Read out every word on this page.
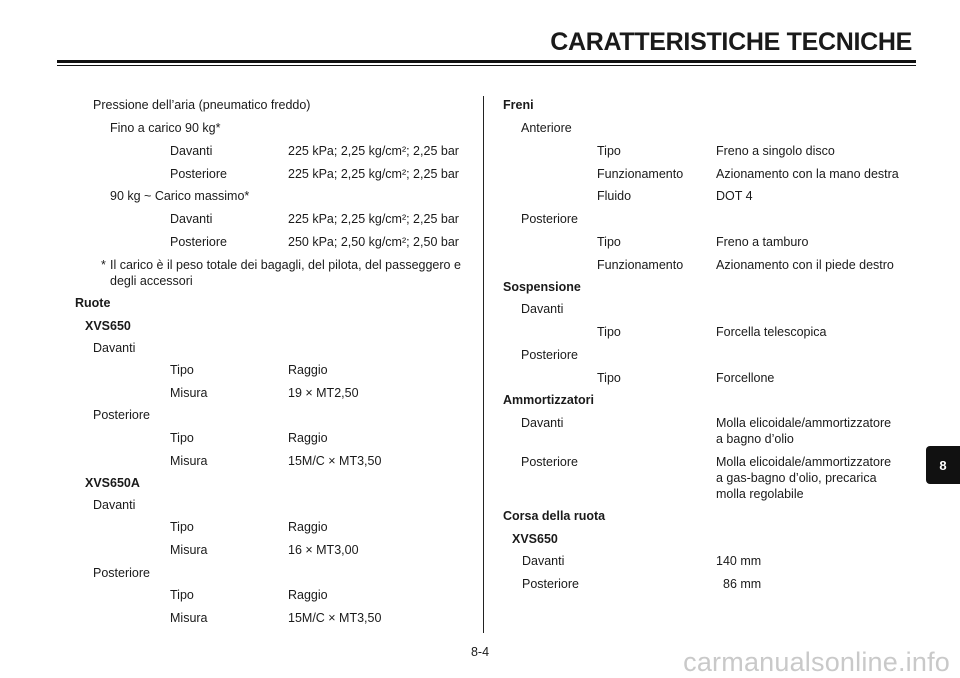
CARATTERISTICHE TECNICHE
Pressione dell’aria (pneumatico freddo)
Fino a carico 90 kg*
Davanti	225 kPa; 2,25 kg/cm²; 2,25 bar
Posteriore	225 kPa; 2,25 kg/cm²; 2,25 bar
90 kg ~ Carico massimo*
Davanti	225 kPa; 2,25 kg/cm²; 2,25 bar
Posteriore	250 kPa; 2,50 kg/cm²; 2,50 bar
* Il carico è il peso totale dei bagagli, del pilota, del passeggero e
degli accessori
Ruote
XVS650
Davanti
Tipo	Raggio
Misura	19 × MT2,50
Posteriore
Tipo	Raggio
Misura	15M/C × MT3,50
XVS650A
Davanti
Tipo	Raggio
Misura	16 × MT3,00
Posteriore
Tipo	Raggio
Misura	15M/C × MT3,50
Freni
Anteriore
Tipo	Freno a singolo disco
Funzionamento	Azionamento con la mano destra
Fluido	DOT 4
Posteriore
Tipo	Freno a tamburo
Funzionamento	Azionamento con il piede destro
Sospensione
Davanti
Tipo	Forcella telescopica
Posteriore
Tipo	Forcellone
Ammortizzatori
Davanti	Molla elicoidale/ammortizzatore
a bagno d’olio
Posteriore	Molla elicoidale/ammortizzatore
a gas-bagno d’olio, precarica
molla regolabile
Corsa della ruota
XVS650
Davanti	140 mm
Posteriore	86 mm
8
8-4	carmanualsonline.info
